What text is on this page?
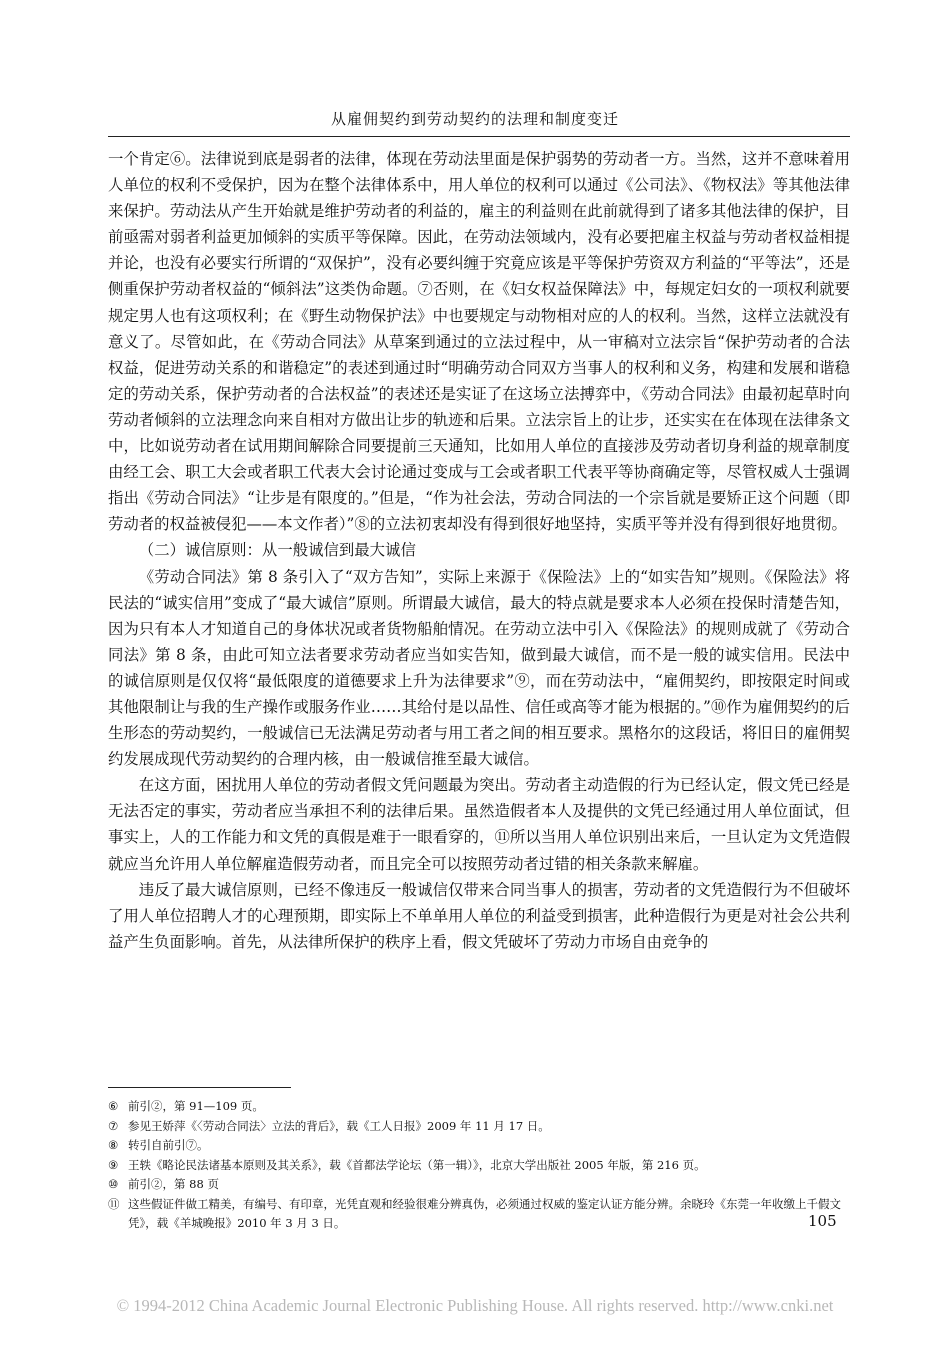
从雇佣契约到劳动契约的法理和制度变迁

一个肯定⑥。法律说到底是弱者的法律，体现在劳动法里面是保护弱势的劳动者一方。当然，这并不意味着用人单位的权利不受保护，因为在整个法律体系中，用人单位的权利可以通过《公司法》、《物权法》等其他法律来保护。劳动法从产生开始就是维护劳动者的利益的，雇主的利益则在此前就得到了诸多其他法律的保护，目前亟需对弱者利益更加倾斜的实质平等保障。因此，在劳动法领域内，没有必要把雇主权益与劳动者权益相提并论，也没有必要实行所谓的“双保护”，没有必要纠缠于究竟应该是平等保护劳资双方利益的“平等法”，还是侧重保护劳动者权益的“倾斜法”这类伪命题。⑦否则，在《妇女权益保障法》中，每规定妇女的一项权利就要规定男人也有这项权利；在《野生动物保护法》中也要规定与动物相对应的人的权利。当然，这样立法就没有意义了。尽管如此，在《劳动合同法》从草案到通过的立法过程中，从一审稿对立法宗旨“保护劳动者的合法权益，促进劳动关系的和谐稳定”的表述到通过时“明确劳动合同双方当事人的权利和义务，构建和发展和谐稳定的劳动关系，保护劳动者的合法权益”的表述还是实证了在这场立法搏弈中，《劳动合同法》由最初起草时向劳动者倾斜的立法理念向来自相对方做出让步的轨迹和后果。立法宗旨上的让步，还实实在在体现在法律条文中，比如说劳动者在试用期间解除合同要提前三天通知，比如用人单位的直接涉及劳动者切身利益的规章制度由经工会、职工大会或者职工代表大会讨论通过变成与工会或者职工代表平等协商确定等，尽管权威人士强调指出《劳动合同法》“让步是有限度的。”但是，“作为社会法，劳动合同法的一个宗旨就是要矫正这个问题（即劳动者的权益被侵犯——本文作者）”⑧的立法初衷却没有得到很好地坚持，实质平等并没有得到很好地贯彻。

（二）诚信原则：从一般诚信到最大诚信

《劳动合同法》第 8 条引入了“双方告知”，实际上来源于《保险法》上的“如实告知”规则。《保险法》将民法的“诚实信用”变成了“最大诚信”原则。所谓最大诚信，最大的特点就是要求本人必须在投保时清楚告知，因为只有本人才知道自己的身体状况或者货物船舶情况。在劳动立法中引入《保险法》的规则成就了《劳动合同法》第 8 条，由此可知立法者要求劳动者应当如实告知，做到最大诚信，而不是一般的诚实信用。民法中的诚信原则是仅仅将“最低限度的道德要求上升为法律要求”⑨，而在劳动法中，“雇佣契约，即按限定时间或其他限制让与我的生产操作或服务作业……其给付是以品性、信任或高等才能为根据的。”⑩作为雇佣契约的后生形态的劳动契约，一般诚信已无法满足劳动者与用工者之间的相互要求。黑格尔的这段话，将旧日的雇佣契约发展成现代劳动契约的合理内核，由一般诚信推至最大诚信。

在这方面，困扰用人单位的劳动者假文凭问题最为突出。劳动者主动造假的行为已经认定，假文凭已经是无法否定的事实，劳动者应当承担不利的法律后果。虽然造假者本人及提供的文凭已经通过用人单位面试，但事实上，人的工作能力和文凭的真假是难于一眼看穿的，⑪所以当用人单位识别出来后，一旦认定为文凭造假就应当允许用人单位解雇造假劳动者，而且完全可以按照劳动者过错的相关条款来解雇。

违反了最大诚信原则，已经不像违反一般诚信仅带来合同当事人的损害，劳动者的文凭造假行为不但破坏了用人单位招聘人才的心理预期，即实际上不单单用人单位的利益受到损害，此种造假行为更是对社会公共利益产生负面影响。首先，从法律所保护的秩序上看，假文凭破坏了劳动力市场自由竞争的

⑥ 前引②，第 91—109 页。
⑦ 参见王娇萍《〈劳动合同法〉立法的背后》，载《工人日报》2009 年 11 月 17 日。
⑧ 转引自前引⑦。
⑨ 王轶《略论民法诸基本原则及其关系》，载《首都法学论坛（第一辑）》，北京大学出版社 2005 年版，第 216 页。
⑩ 前引②，第 88 页
⑪ 这些假证件做工精美，有编号、有印章，光凭直观和经验很难分辨真伪，必须通过权威的鉴定认证方能分辨。余晓玲《东莞一年收缴上千假文凭》，载《羊城晚报》2010 年 3 月 3 日。	105
© 1994-2012 China Academic Journal Electronic Publishing House. All rights reserved. http://www.cnki.net
